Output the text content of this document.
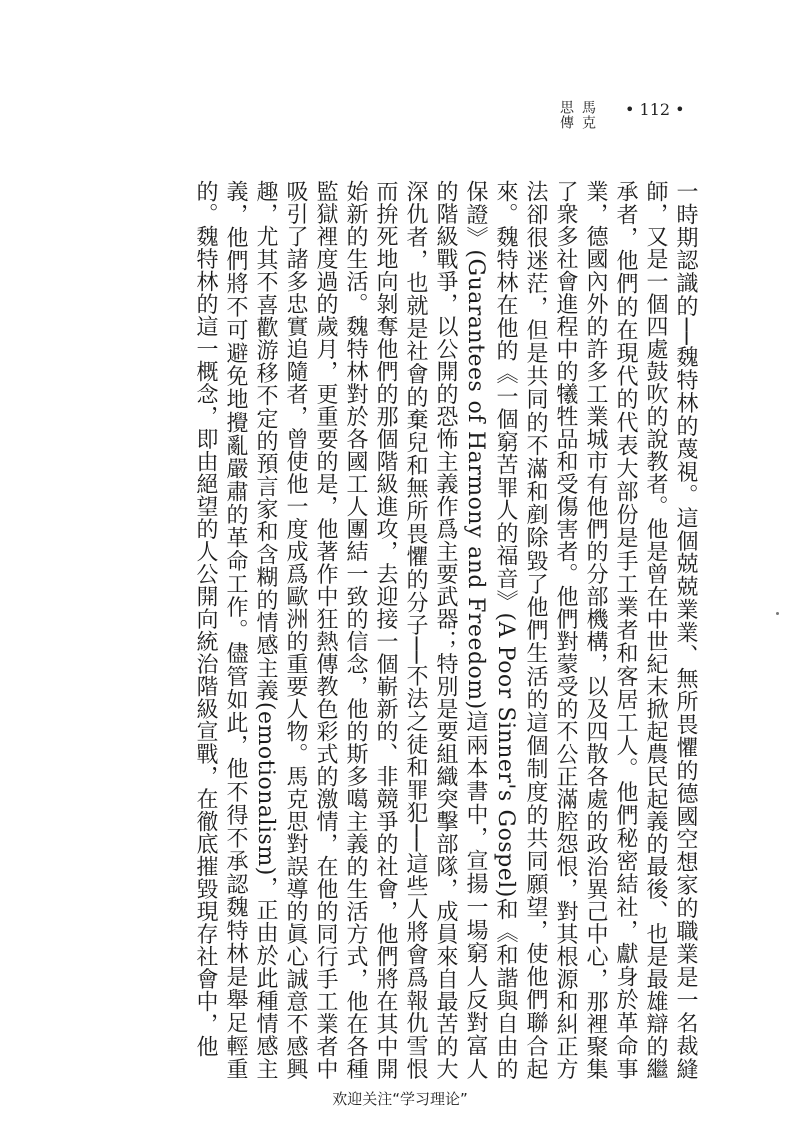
馬克思傳	• 112 •

一時期認識的──魏特林的蔑視。這個兢兢業業、無所畏懼的德國空想家的職業是一名裁縫師，又是一個四處鼓吹的說教者。他是曾在中世紀末掀起農民起義的最後、也是最雄辯的繼承者，他們的在現代的代表大部份是手工業者和客居工人。他們秘密結社，獻身於革命事業，德國內外的許多工業城市有他們的分部機構，以及四散各處的政治異己中心，那裡聚集了衆多社會進程中的犧牲品和受傷害者。他們對蒙受的不公正滿腔怨恨，對其根源和糾正方法卻很迷茫，但是共同的不滿和剷除毀了他們生活的這個制度的共同願望，使他們聯合起來。魏特林在他的《一個窮苦罪人的福音》(A Poor Sinner's Gospel)和《和諧與自由的保證》(Guarantees of Harmony and Freedom)這兩本書中，宣揚一場窮人反對富人的階級戰爭，以公開的恐怖主義作爲主要武器；特別是要組織突擊部隊，成員來自最苦的大深仇者，也就是社會的棄兒和無所畏懼的分子──不法之徒和罪犯──這些人將會爲報仇雪恨而拚死地向剝奪他們的那個階級進攻，去迎接一個嶄新的、非競爭的社會，他們將在其中開始新的生活。魏特林對於各國工人團結一致的信念，他的斯多噶主義的生活方式，他在各種監獄裡度過的歲月，更重要的是，他著作中狂熱傳教色彩式的激情，在他的同行手工業者中吸引了諸多忠實追隨者，曾使他一度成爲歐洲的重要人物。馬克思對誤導的眞心誠意不感興趣，尤其不喜歡游移不定的預言家和含糊的情感主義(emotionalism)，正由於此種情感主義，他們將不可避免地攪亂嚴肅的革命工作。儘管如此，他不得不承認魏特林是舉足輕重的。魏特林的這一概念，即由絕望的人公開向統治階級宣戰，在徹底摧毀現存社會中，他

欢迎关注“学习理论”
